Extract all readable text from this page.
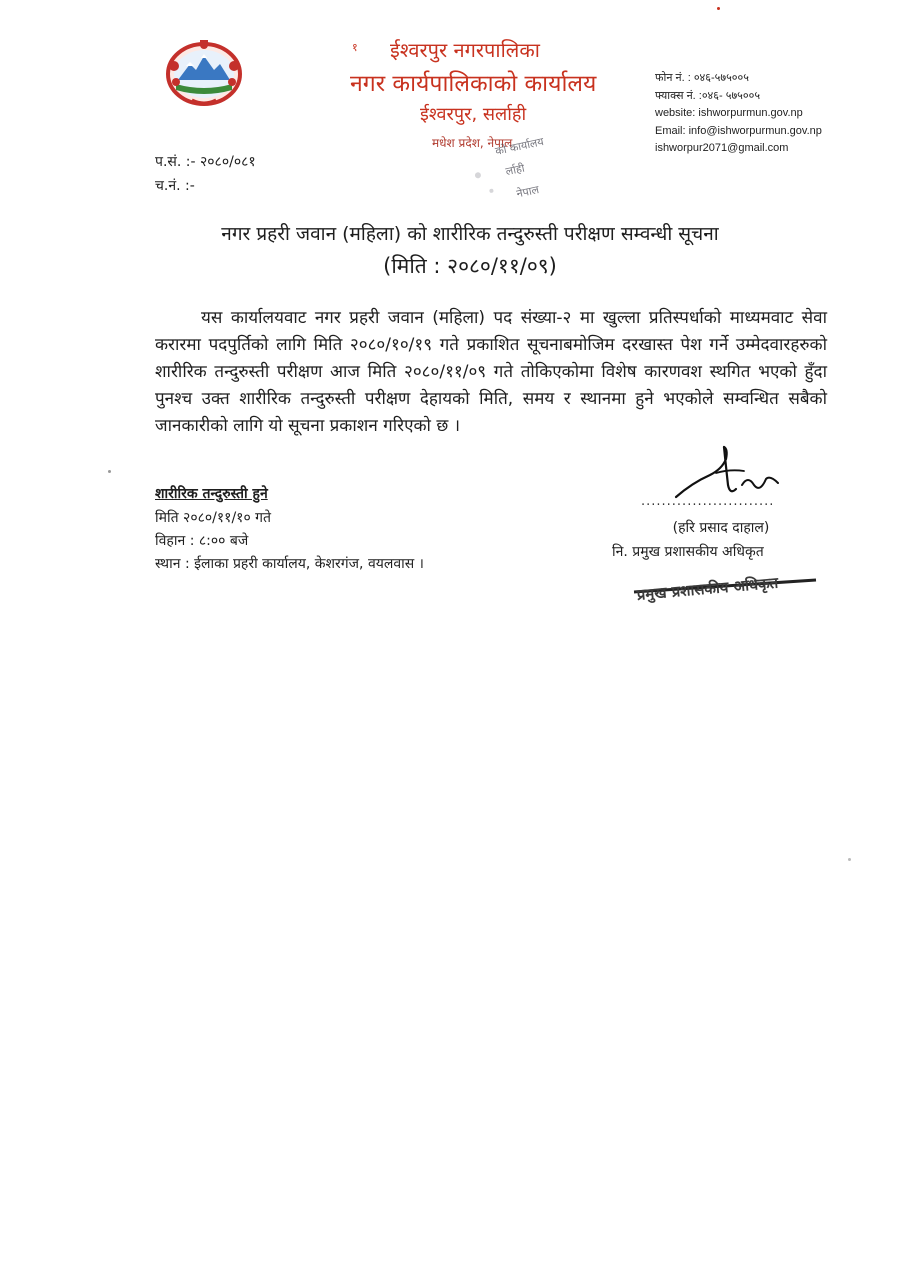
१ ईश्वरपुर नगरपालिका
नगर कार्यपालिकाको कार्यालय
ईश्वरपुर, सर्लाही
मधेश प्रदेश, नेपाल
फोन नं. : ०४६-५७५००५
फ्याक्स नं. :०४६- ५७५००५
website: ishworpurmun.gov.np
Email: info@ishworpurmun.gov.np
ishworpur2071@gmail.com
को कार्यालय
र्लाही
नेपाल
प.सं. :- २०८०/०८१
च.नं. :-
नगर प्रहरी जवान (महिला) को शारीरिक तन्दुरुस्ती परीक्षण सम्वन्धी सूचना
(मिति : २०८०/११/०९)
यस कार्यालयवाट नगर प्रहरी जवान (महिला) पद संख्या-२ मा खुल्ला प्रतिस्पर्धाको माध्यमवाट सेवा करारमा पदपुर्तिको लागि मिति २०८०/१०/१९ गते प्रकाशित सूचनाबमोजिम दरखास्त पेश गर्ने उम्मेदवारहरुको शारीरिक तन्दुरुस्ती परीक्षण आज मिति २०८०/११/०९ गते तोकिएकोमा विशेष कारणवश स्थगित भएको हुँदा पुनश्च उक्त शारीरिक तन्दुरुस्ती परीक्षण देहायको मिति, समय र स्थानमा हुने भएकोले सम्वन्धित सबैको जानकारीको लागि यो सूचना प्रकाशन गरिएको छ ।
शारीरिक तन्दुरुस्ती हुने
मिति २०८०/११/१० गते
विहान : ८:०० बजे
स्थान : ईलाका प्रहरी कार्यालय, केशरगंज, वयलवास ।
..........................
(हरि प्रसाद दाहाल)
नि. प्रमुख प्रशासकीय अधिकृत
प्रमुख प्रशासकीय अधिकृत
